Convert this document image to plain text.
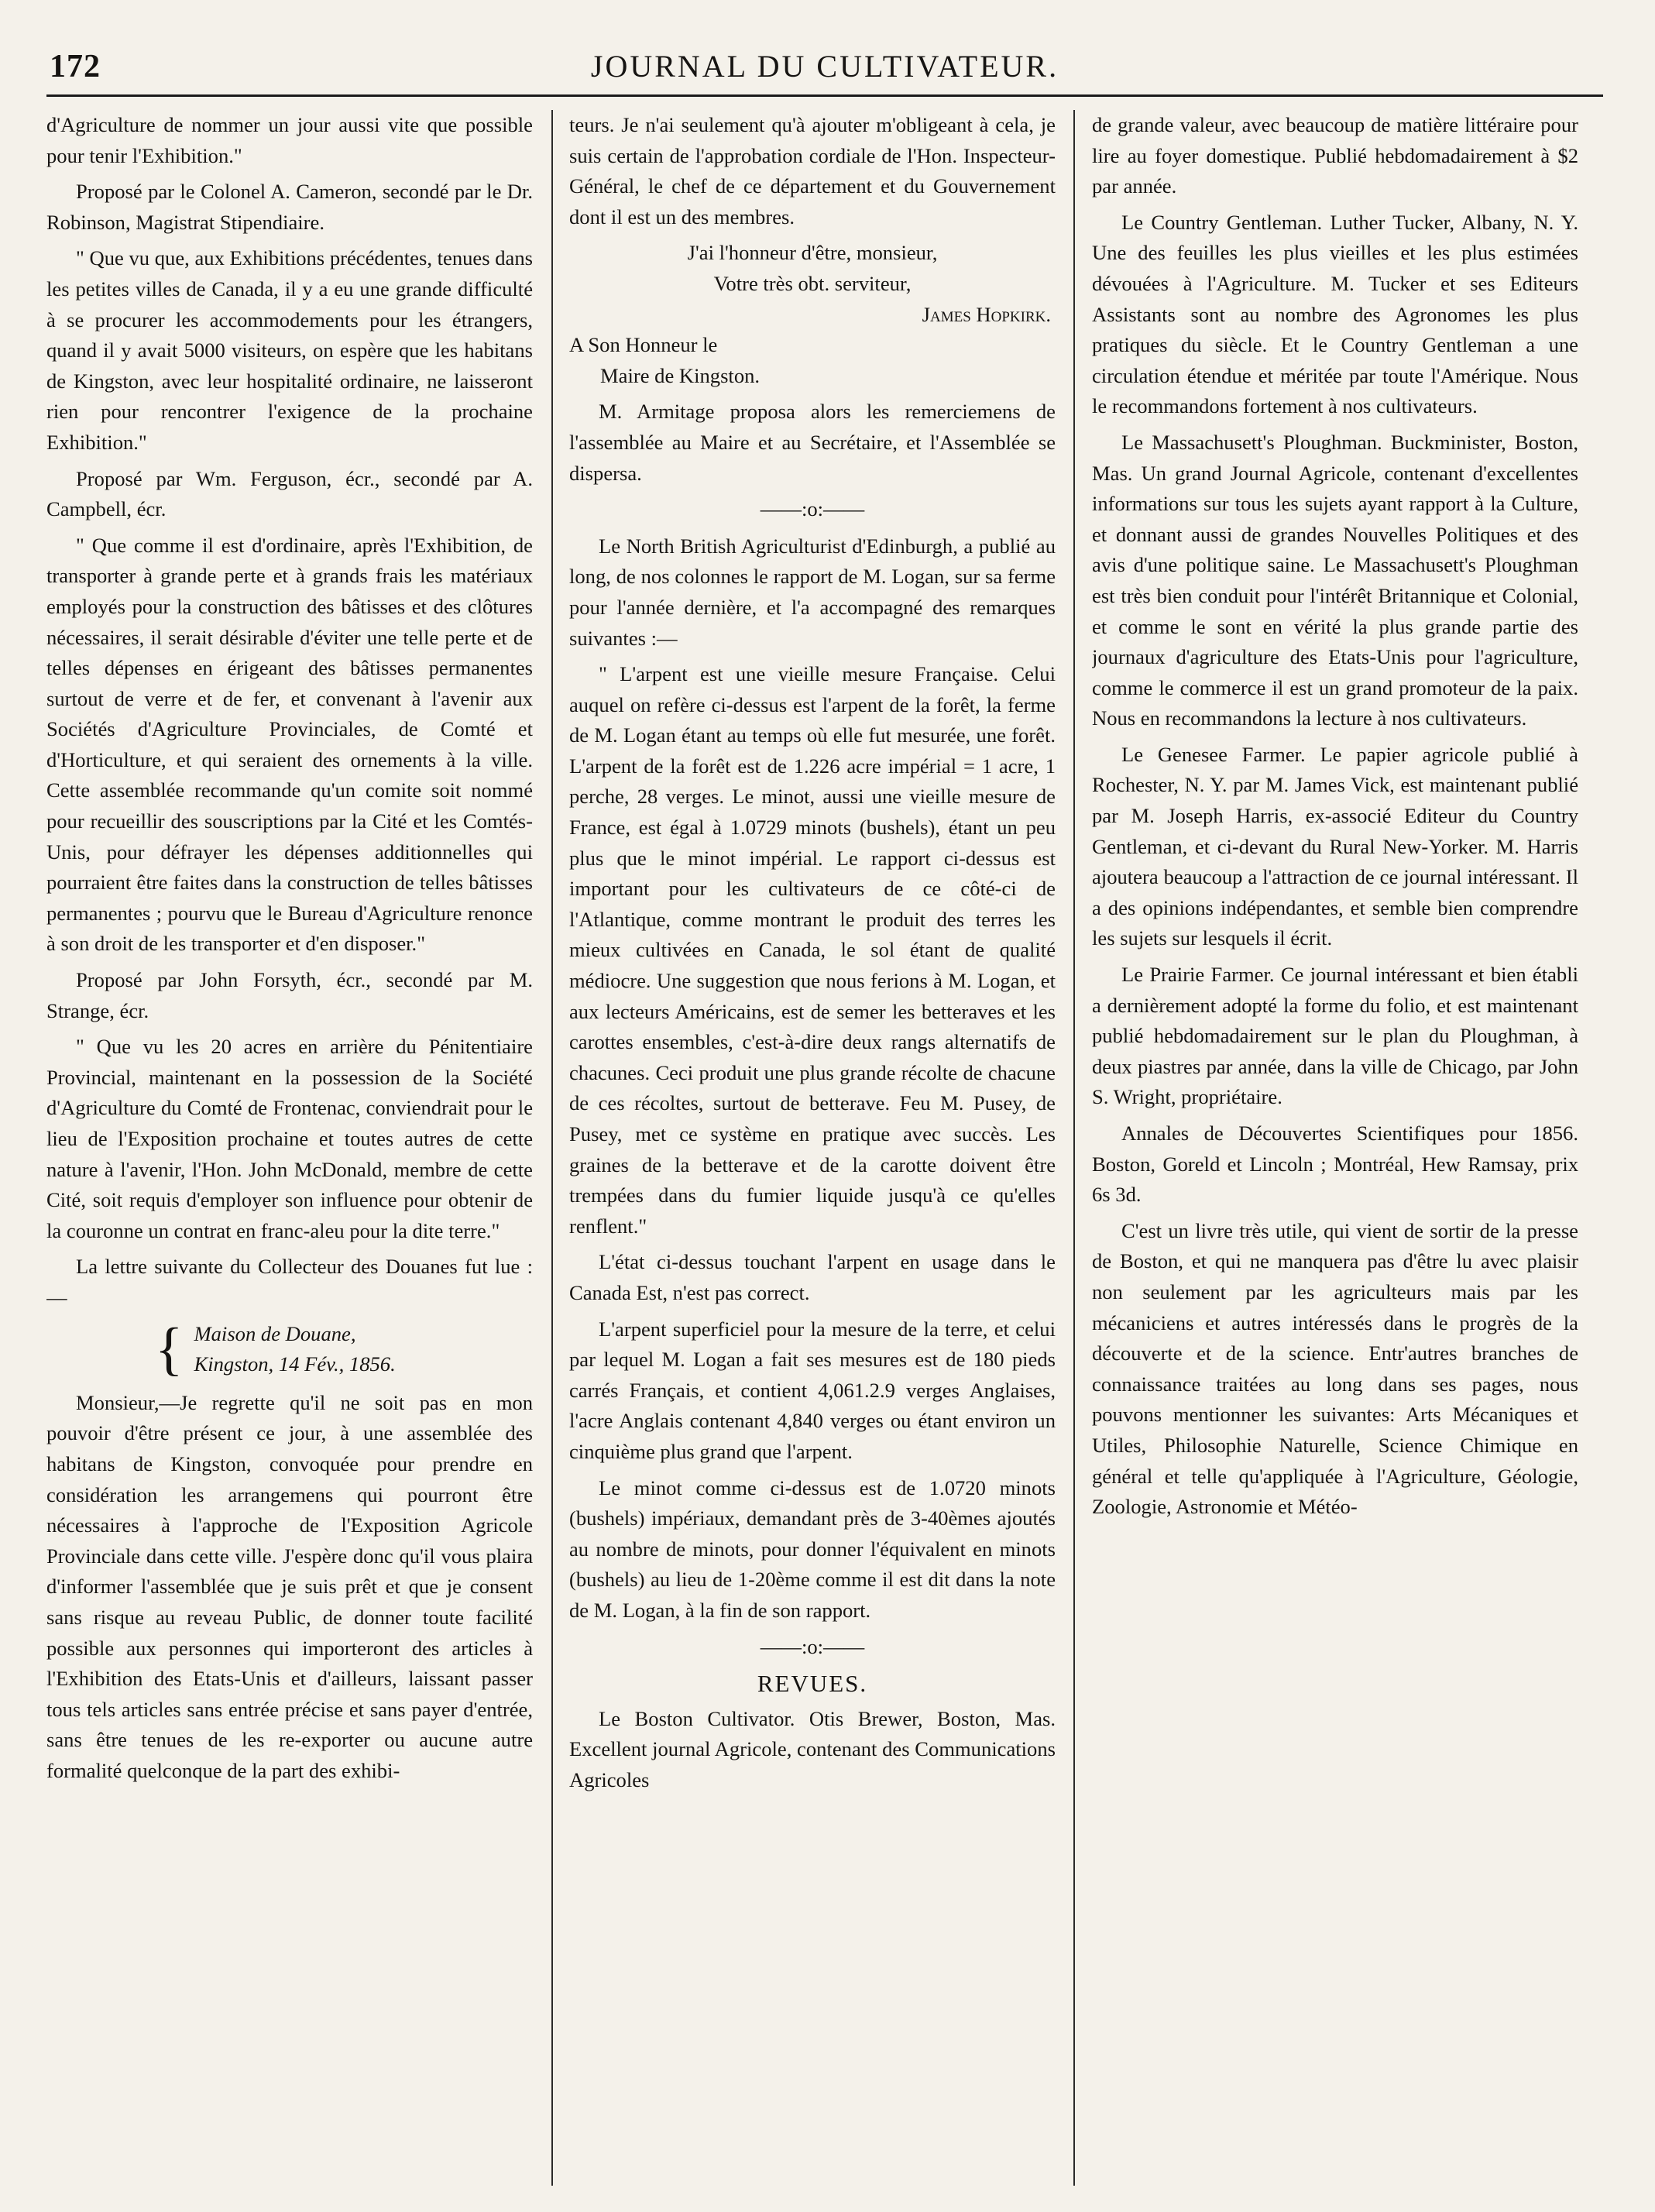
172	JOURNAL DU CULTIVATEUR.

d'Agriculture de nommer un jour aussi vite que possible pour tenir l'Exhibition."

Proposé par le Colonel A. Cameron, secondé par le Dr. Robinson, Magistrat Stipendiaire.

" Que vu que, aux Exhibitions précédentes, tenues dans les petites villes de Canada, il y a eu une grande difficulté à se procurer les accommodements pour les étrangers, quand il y avait 5000 visiteurs, on espère que les habitans de Kingston, avec leur hospitalité ordinaire, ne laisseront rien pour rencontrer l'exigence de la prochaine Exhibition."

Proposé par Wm. Ferguson, écr., secondé par A. Campbell, écr.

" Que comme il est d'ordinaire, après l'Exhibition, de transporter à grande perte et à grands frais les matériaux employés pour la construction des bâtisses et des clôtures nécessaires, il serait désirable d'éviter une telle perte et de telles dépenses en érigeant des bâtisses permanentes surtout de verre et de fer, et convenant à l'avenir aux Sociétés d'Agriculture Provinciales, de Comté et d'Horticulture, et qui seraient des ornements à la ville. Cette assemblée recommande qu'un comite soit nommé pour recueillir des souscriptions par la Cité et les Comtés-Unis, pour défrayer les dépenses additionnelles qui pourraient être faites dans la construction de telles bâtisses permanentes ; pourvu que le Bureau d'Agriculture renonce à son droit de les transporter et d'en disposer."

Proposé par John Forsyth, écr., secondé par M. Strange, écr.

" Que vu les 20 acres en arrière du Pénitentiaire Provincial, maintenant en la possession de la Société d'Agriculture du Comté de Frontenac, conviendrait pour le lieu de l'Exposition prochaine et toutes autres de cette nature à l'avenir, l'Hon. John McDonald, membre de cette Cité, soit requis d'employer son influence pour obtenir de la couronne un contrat en franc-aleu pour la dite terre."

La lettre suivante du Collecteur des Douanes fut lue :—

{ Maison de Douane,
Kingston, 14 Fév., 1856.

Monsieur,—Je regrette qu'il ne soit pas en mon pouvoir d'être présent ce jour, à une assemblée des habitans de Kingston, convoquée pour prendre en considération les arrangemens qui pourront être nécessaires à l'approche de l'Exposition Agricole Provinciale dans cette ville. J'espère donc qu'il vous plaira d'informer l'assemblée que je suis prêt et que je consent sans risque au reveau Public, de donner toute facilité possible aux personnes qui importeront des articles à l'Exhibition des Etats-Unis et d'ailleurs, laissant passer tous tels articles sans entrée précise et sans payer d'entrée, sans être tenues de les re-exporter ou aucune autre formalité quelconque de la part des exhibi-

teurs. Je n'ai seulement qu'à ajouter m'obligeant à cela, je suis certain de l'approbation cordiale de l'Hon. Inspecteur-Général, le chef de ce département et du Gouvernement dont il est un des membres.

J'ai l'honneur d'être, monsieur,

Votre très obt. serviteur,

James Hopkirk.

A Son Honneur le

Maire de Kingston.

M. Armitage proposa alors les remerciemens de l'assemblée au Maire et au Secrétaire, et l'Assemblée se dispersa.

——:o:——

Le North British Agriculturist d'Edinburgh, a publié au long, de nos colonnes le rapport de M. Logan, sur sa ferme pour l'année dernière, et l'a accompagné des remarques suivantes :—

" L'arpent est une vieille mesure Française. Celui auquel on refère ci-dessus est l'arpent de la forêt, la ferme de M. Logan étant au temps où elle fut mesurée, une forêt. L'arpent de la forêt est de 1.226 acre impérial = 1 acre, 1 perche, 28 verges. Le minot, aussi une vieille mesure de France, est égal à 1.0729 minots (bushels), étant un peu plus que le minot impérial. Le rapport ci-dessus est important pour les cultivateurs de ce côté-ci de l'Atlantique, comme montrant le produit des terres les mieux cultivées en Canada, le sol étant de qualité médiocre. Une suggestion que nous ferions à M. Logan, et aux lecteurs Américains, est de semer les betteraves et les carottes ensembles, c'est-à-dire deux rangs alternatifs de chacunes. Ceci produit une plus grande récolte de chacune de ces récoltes, surtout de betterave. Feu M. Pusey, de Pusey, met ce système en pratique avec succès. Les graines de la betterave et de la carotte doivent être trempées dans du fumier liquide jusqu'à ce qu'elles renflent."

L'état ci-dessus touchant l'arpent en usage dans le Canada Est, n'est pas correct.

L'arpent superficiel pour la mesure de la terre, et celui par lequel M. Logan a fait ses mesures est de 180 pieds carrés Français, et contient 4,061.2.9 verges Anglaises, l'acre Anglais contenant 4,840 verges ou étant environ un cinquième plus grand que l'arpent.

Le minot comme ci-dessus est de 1.0720 minots (bushels) impériaux, demandant près de 3-40èmes ajoutés au nombre de minots, pour donner l'équivalent en minots (bushels) au lieu de 1-20ème comme il est dit dans la note de M. Logan, à la fin de son rapport.

——:o:——

REVUES.

Le Boston Cultivator. Otis Brewer, Boston, Mas. Excellent journal Agricole, contenant des Communications Agricoles

de grande valeur, avec beaucoup de matière littéraire pour lire au foyer domestique. Publié hebdomadairement à $2 par année.

Le Country Gentleman. Luther Tucker, Albany, N. Y. Une des feuilles les plus vieilles et les plus estimées dévouées à l'Agriculture. M. Tucker et ses Editeurs Assistants sont au nombre des Agronomes les plus pratiques du siècle. Et le Country Gentleman a une circulation étendue et méritée par toute l'Amérique. Nous le recommandons fortement à nos cultivateurs.

Le Massachusett's Ploughman. Buckminister, Boston, Mas. Un grand Journal Agricole, contenant d'excellentes informations sur tous les sujets ayant rapport à la Culture, et donnant aussi de grandes Nouvelles Politiques et des avis d'une politique saine. Le Massachusett's Ploughman est très bien conduit pour l'intérêt Britannique et Colonial, et comme le sont en vérité la plus grande partie des journaux d'agriculture des Etats-Unis pour l'agriculture, comme le commerce il est un grand promoteur de la paix. Nous en recommandons la lecture à nos cultivateurs.

Le Genesee Farmer. Le papier agricole publié à Rochester, N. Y. par M. James Vick, est maintenant publié par M. Joseph Harris, ex-associé Editeur du Country Gentleman, et ci-devant du Rural New-Yorker. M. Harris ajoutera beaucoup a l'attraction de ce journal intéressant. Il a des opinions indépendantes, et semble bien comprendre les sujets sur lesquels il écrit.

Le Prairie Farmer. Ce journal intéressant et bien établi a dernièrement adopté la forme du folio, et est maintenant publié hebdomadairement sur le plan du Ploughman, à deux piastres par année, dans la ville de Chicago, par John S. Wright, propriétaire.

Annales de Découvertes Scientifiques pour 1856. Boston, Goreld et Lincoln ; Montréal, Hew Ramsay, prix 6s 3d.

C'est un livre très utile, qui vient de sortir de la presse de Boston, et qui ne manquera pas d'être lu avec plaisir non seulement par les agriculteurs mais par les mécaniciens et autres intéressés dans le progrès de la découverte et de la science. Entr'autres branches de connaissance traitées au long dans ses pages, nous pouvons mentionner les suivantes: Arts Mécaniques et Utiles, Philosophie Naturelle, Science Chimique en général et telle qu'appliquée à l'Agriculture, Géologie, Zoologie, Astronomie et Météo-
